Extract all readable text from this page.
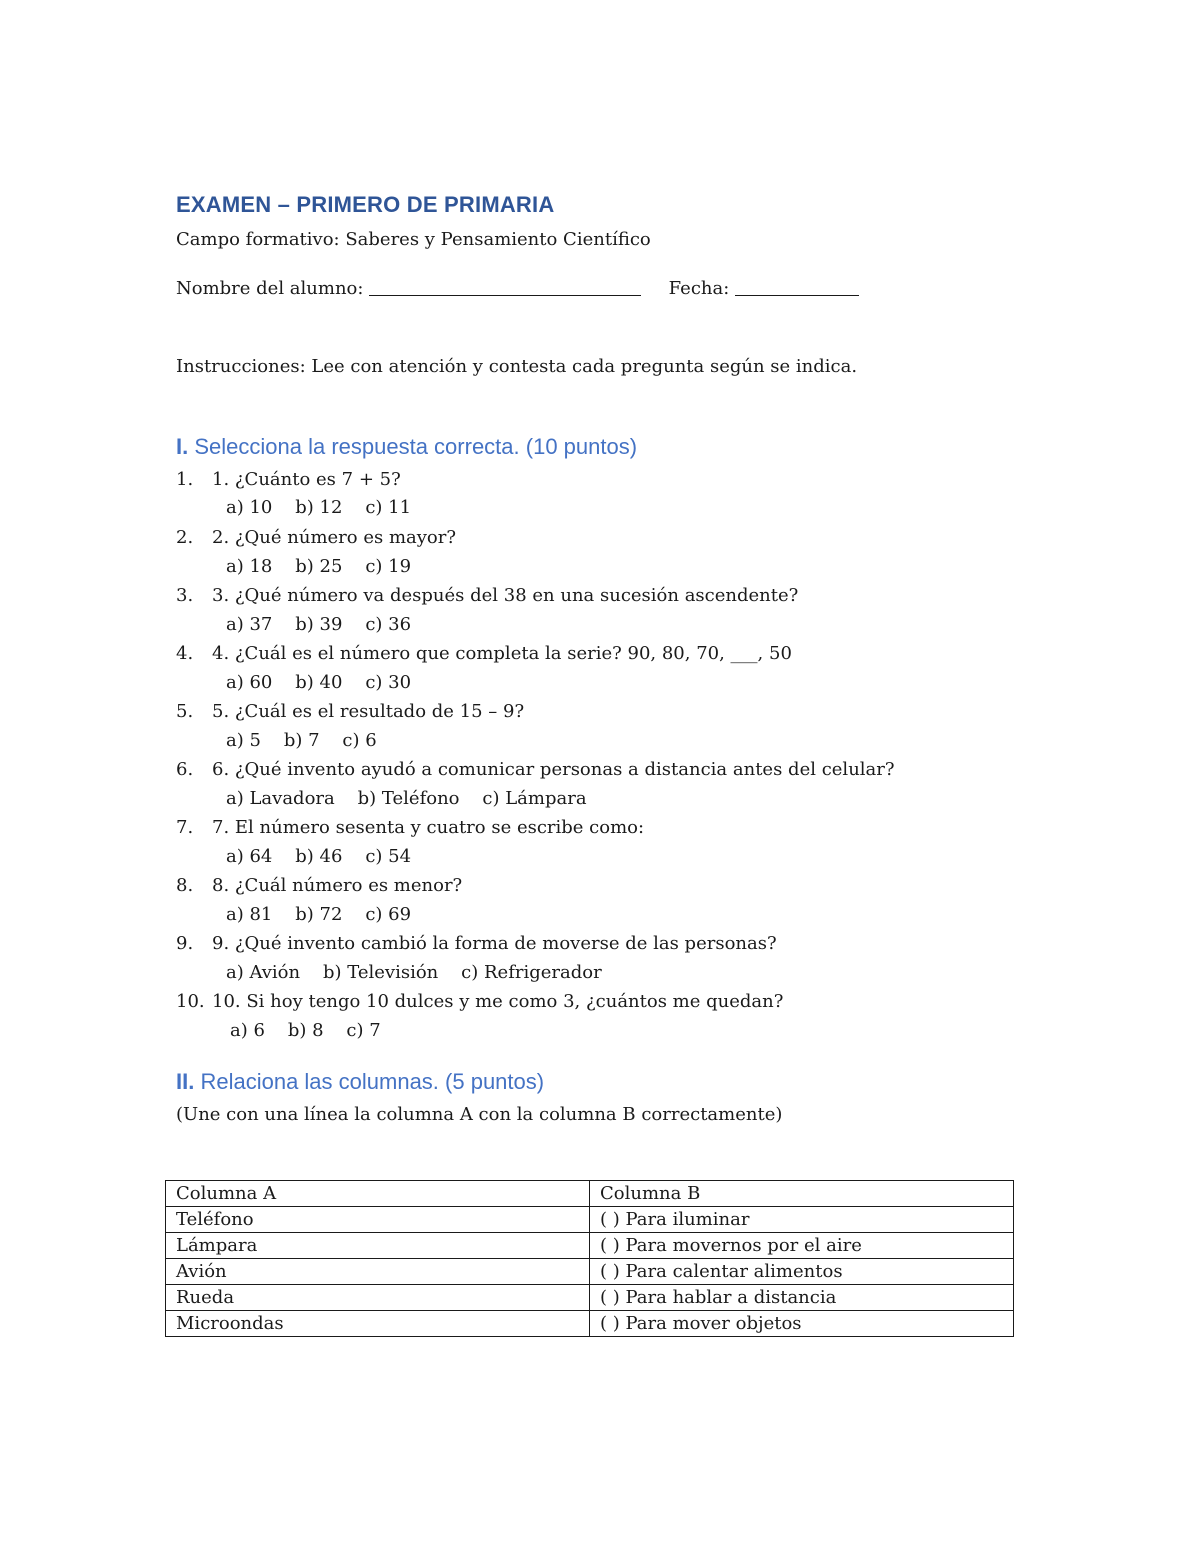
EXAMEN – PRIMERO DE PRIMARIA

Campo formativo: Saberes y Pensamiento Científico

Nombre del alumno:	Fecha:

Instrucciones: Lee con atención y contesta cada pregunta según se indica.

I. Selecciona la respuesta correcta. (10 puntos)
1. 1. ¿Cuánto es 7 + 5?
a) 10    b) 12    c) 11
2. 2. ¿Qué número es mayor?
a) 18    b) 25    c) 19
3. 3. ¿Qué número va después del 38 en una sucesión ascendente?
a) 37    b) 39    c) 36
4. 4. ¿Cuál es el número que completa la serie? 90, 80, 70, ___, 50
a) 60    b) 40    c) 30
5. 5. ¿Cuál es el resultado de 15 – 9?
a) 5    b) 7    c) 6
6. 6. ¿Qué invento ayudó a comunicar personas a distancia antes del celular?
a) Lavadora    b) Teléfono    c) Lámpara
7. 7. El número sesenta y cuatro se escribe como:
a) 64    b) 46    c) 54
8. 8. ¿Cuál número es menor?
a) 81    b) 72    c) 69
9. 9. ¿Qué invento cambió la forma de moverse de las personas?
a) Avión    b) Televisión    c) Refrigerador
10. 10. Si hoy tengo 10 dulces y me como 3, ¿cuántos me quedan?
a) 6    b) 8    c) 7
II. Relaciona las columnas. (5 puntos)

(Une con una línea la columna A con la columna B correctamente)

Columna A	Columna B
Teléfono	( ) Para iluminar
Lámpara	( ) Para movernos por el aire
Avión	( ) Para calentar alimentos
Rueda	( ) Para hablar a distancia
Microondas	( ) Para mover objetos
